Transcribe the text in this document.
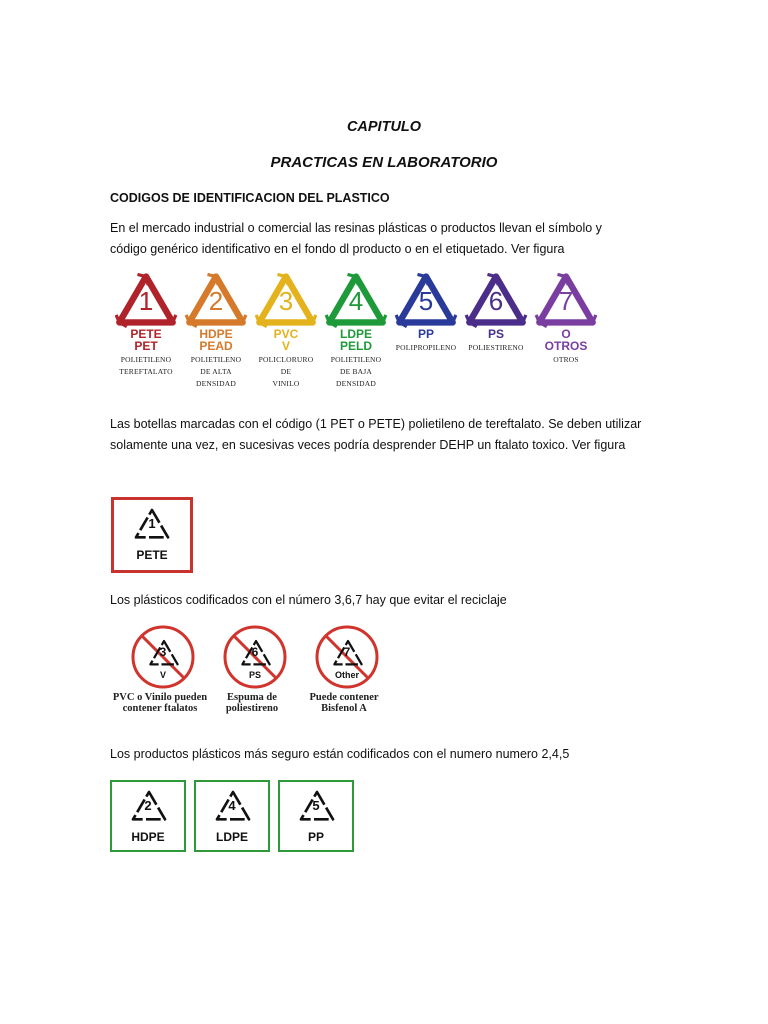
CAPITULO
PRACTICAS EN LABORATORIO
CODIGOS DE IDENTIFICACION DEL PLASTICO
En el mercado industrial o comercial las resinas plásticas o productos llevan el símbolo y
código genérico identificativo en el fondo dl producto o en el etiquetado. Ver figura
1
PETE
PET
POLIETILENO
TEREFTALATO
2
HDPE
PEAD
POLIETILENO
DE ALTA
DENSIDAD
3
PVC
V
POLICLORURO
DE
VINILO
4
LDPE
PELD
POLIETILENO
DE BAJA
DENSIDAD
5
PP
POLIPROPILENO
6
PS
POLIESTIRENO
7
O
OTROS
OTROS
Las botellas marcadas con el código (1 PET o PETE) polietileno de tereftalato. Se deben utilizar
solamente una vez, en sucesivas veces podría desprender DEHP un ftalato toxico. Ver figura
1
PETE
Los plásticos codificados con el número 3,6,7 hay que evitar el reciclaje
3
V
PVC o Vinilo pueden
contener ftalatos
6
PS
Espuma de
poliestireno
7
Other
Puede contener
Bisfenol A
Los productos plásticos más seguro están codificados con el numero numero 2,4,5
2
HDPE
4
LDPE
5
PP
